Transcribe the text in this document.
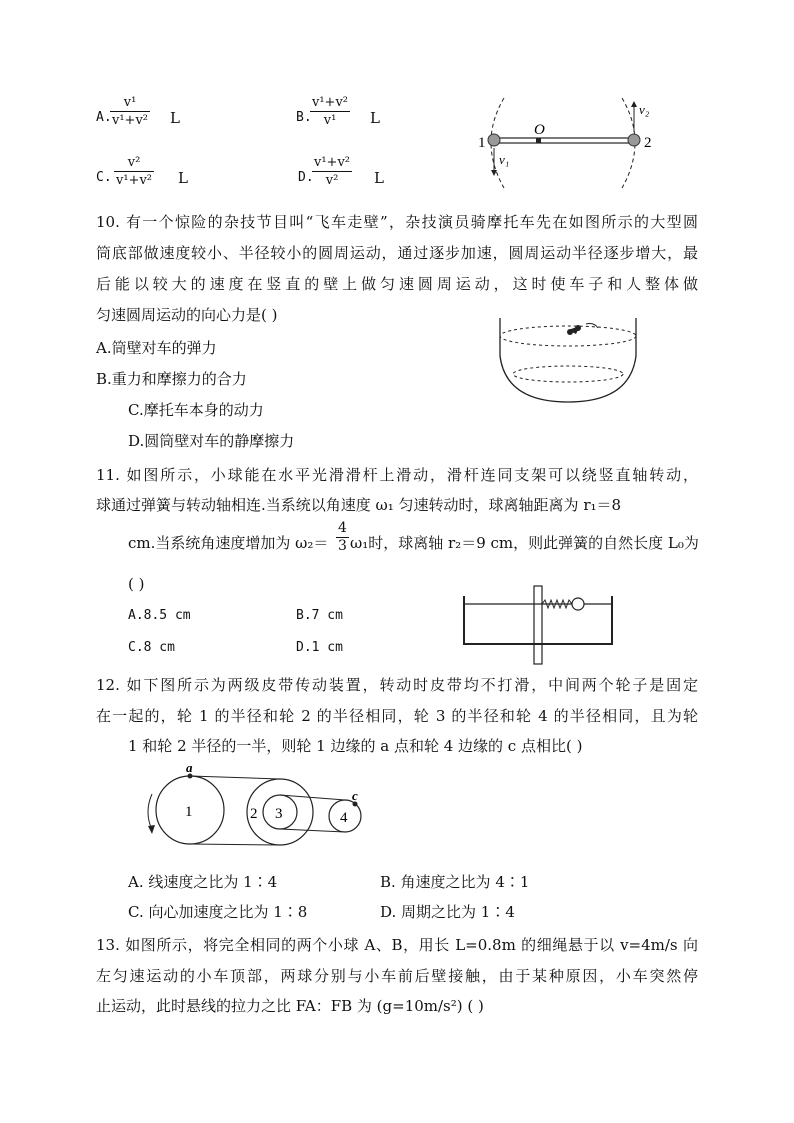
A.
$\frac{\text{v¹}}{\text{v¹+v²}}$ L	B.
$\frac{\text{v¹+v²}}{\text{v¹}}$ L
C. $\frac{\text{v²}}{\text{v¹+v²}}$ L	D.
$\frac{\text{v¹+v²}}{\text{v²}}$ L
1	2
O
v₁
v₂
10. 有一个惊险的杂技节目叫“飞车走壁”，杂技演员骑摩托车先在如图所示的大型圆
筒底部做速度较小、半径较小的圆周运动，通过逐步加速，圆周运动半径逐步增大，最
后能以较大的速度在竖直的壁上做匀速圆周运动，这时使车子和人整体做
匀速圆周运动的向心力是( )
A.筒壁对车的弹力
B.重力和摩擦力的合力
C.摩托车本身的动力
D.圆筒壁对车的静摩擦力
11. 如图所示，小球能在水平光滑滑杆上滑动，滑杆连同支架可以绕竖直轴转动，
球通过弹簧与转动轴相连.当系统以角速度 ω₁ 匀速转动时，球离轴距离为 r₁＝8
cm.当系统角速度增加为 $\omega_2= \frac{4}{3} \omega_1$时，球离轴 r₂＝9 cm，则此弹簧的自然长度 L₀为
( )
A.8.5 cm	B.7 cm
C.8 cm	D.1 cm
12. 如下图所示为两级皮带传动装置，转动时皮带均不打滑，中间两个轮子是固定
在一起的，轮 1 的半径和轮 2 的半径相同，轮 3 的半径和轮 4 的半径相同，且为轮
1 和轮 2 半径的一半，则轮 1 边缘的 a 点和轮 4 边缘的 c 点相比( )
a
c
1	2 3	4
A. 线速度之比为 1∶4	B. 角速度之比为 4∶1
C. 向心加速度之比为 1∶8	D. 周期之比为 1∶4
13. 如图所示，将完全相同的两个小球 A、B，用长 L=0.8m 的细绳悬于以 v=4m/s 向
左匀速运动的小车顶部，两球分别与小车前后壁接触，由于某种原因，小车突然停
止运动，此时悬线的拉力之比 FA：FB 为 (g=10m/s²) ( )
